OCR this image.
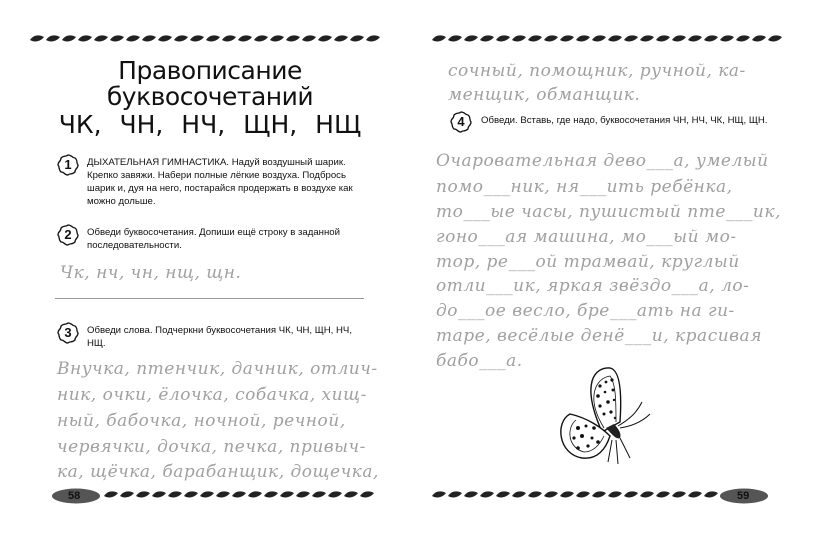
Правописание
буквосочетаний
ЧК, ЧН, НЧ, ЩН, НЩ
1	ДЫХАТЕЛЬНАЯ ГИМНАСТИКА. Надуй воздушный шарик. Крепко завяжи. Набери полные лёгкие воздуха. Подбрось шарик и, дуя на него, постарайся продержать в воздухе как можно дольше.
2	Обведи буквосочетания. Допиши ещё строку в заданной последовательности.
Чк, нч, чн, нщ, щн.
3	Обведи слова. Подчеркни буквосочетания ЧК, ЧН, ЩН, НЧ, НЩ.
Внучка, птенчик, дачник, отлич-
ник, очки, ёлочка, собачка, хищ-
ный, бабочка, ночной, речной,
червячки, дочка, печка, привыч-
ка, щёчка, барабанщик, дощечка,
58
сочный, помощник, ручной, ка-
менщик, обманщик.
4	Обведи. Вставь, где надо, буквосочетания ЧН, НЧ, ЧК, НЩ, ЩН.
Очаровательная дево___а, умелый
помо___ник, ня___ить ребёнка,
то___ые часы, пушистый пте___ик,
гоно___ая машина, мо___ый мо-
тор, ре___ой трамвай, круглый
отли___ик, яркая звёздо___а, ло-
до___ое весло, бре___ать на ги-
таре, весёлые денё___и, красивая
бабо___а.
59
